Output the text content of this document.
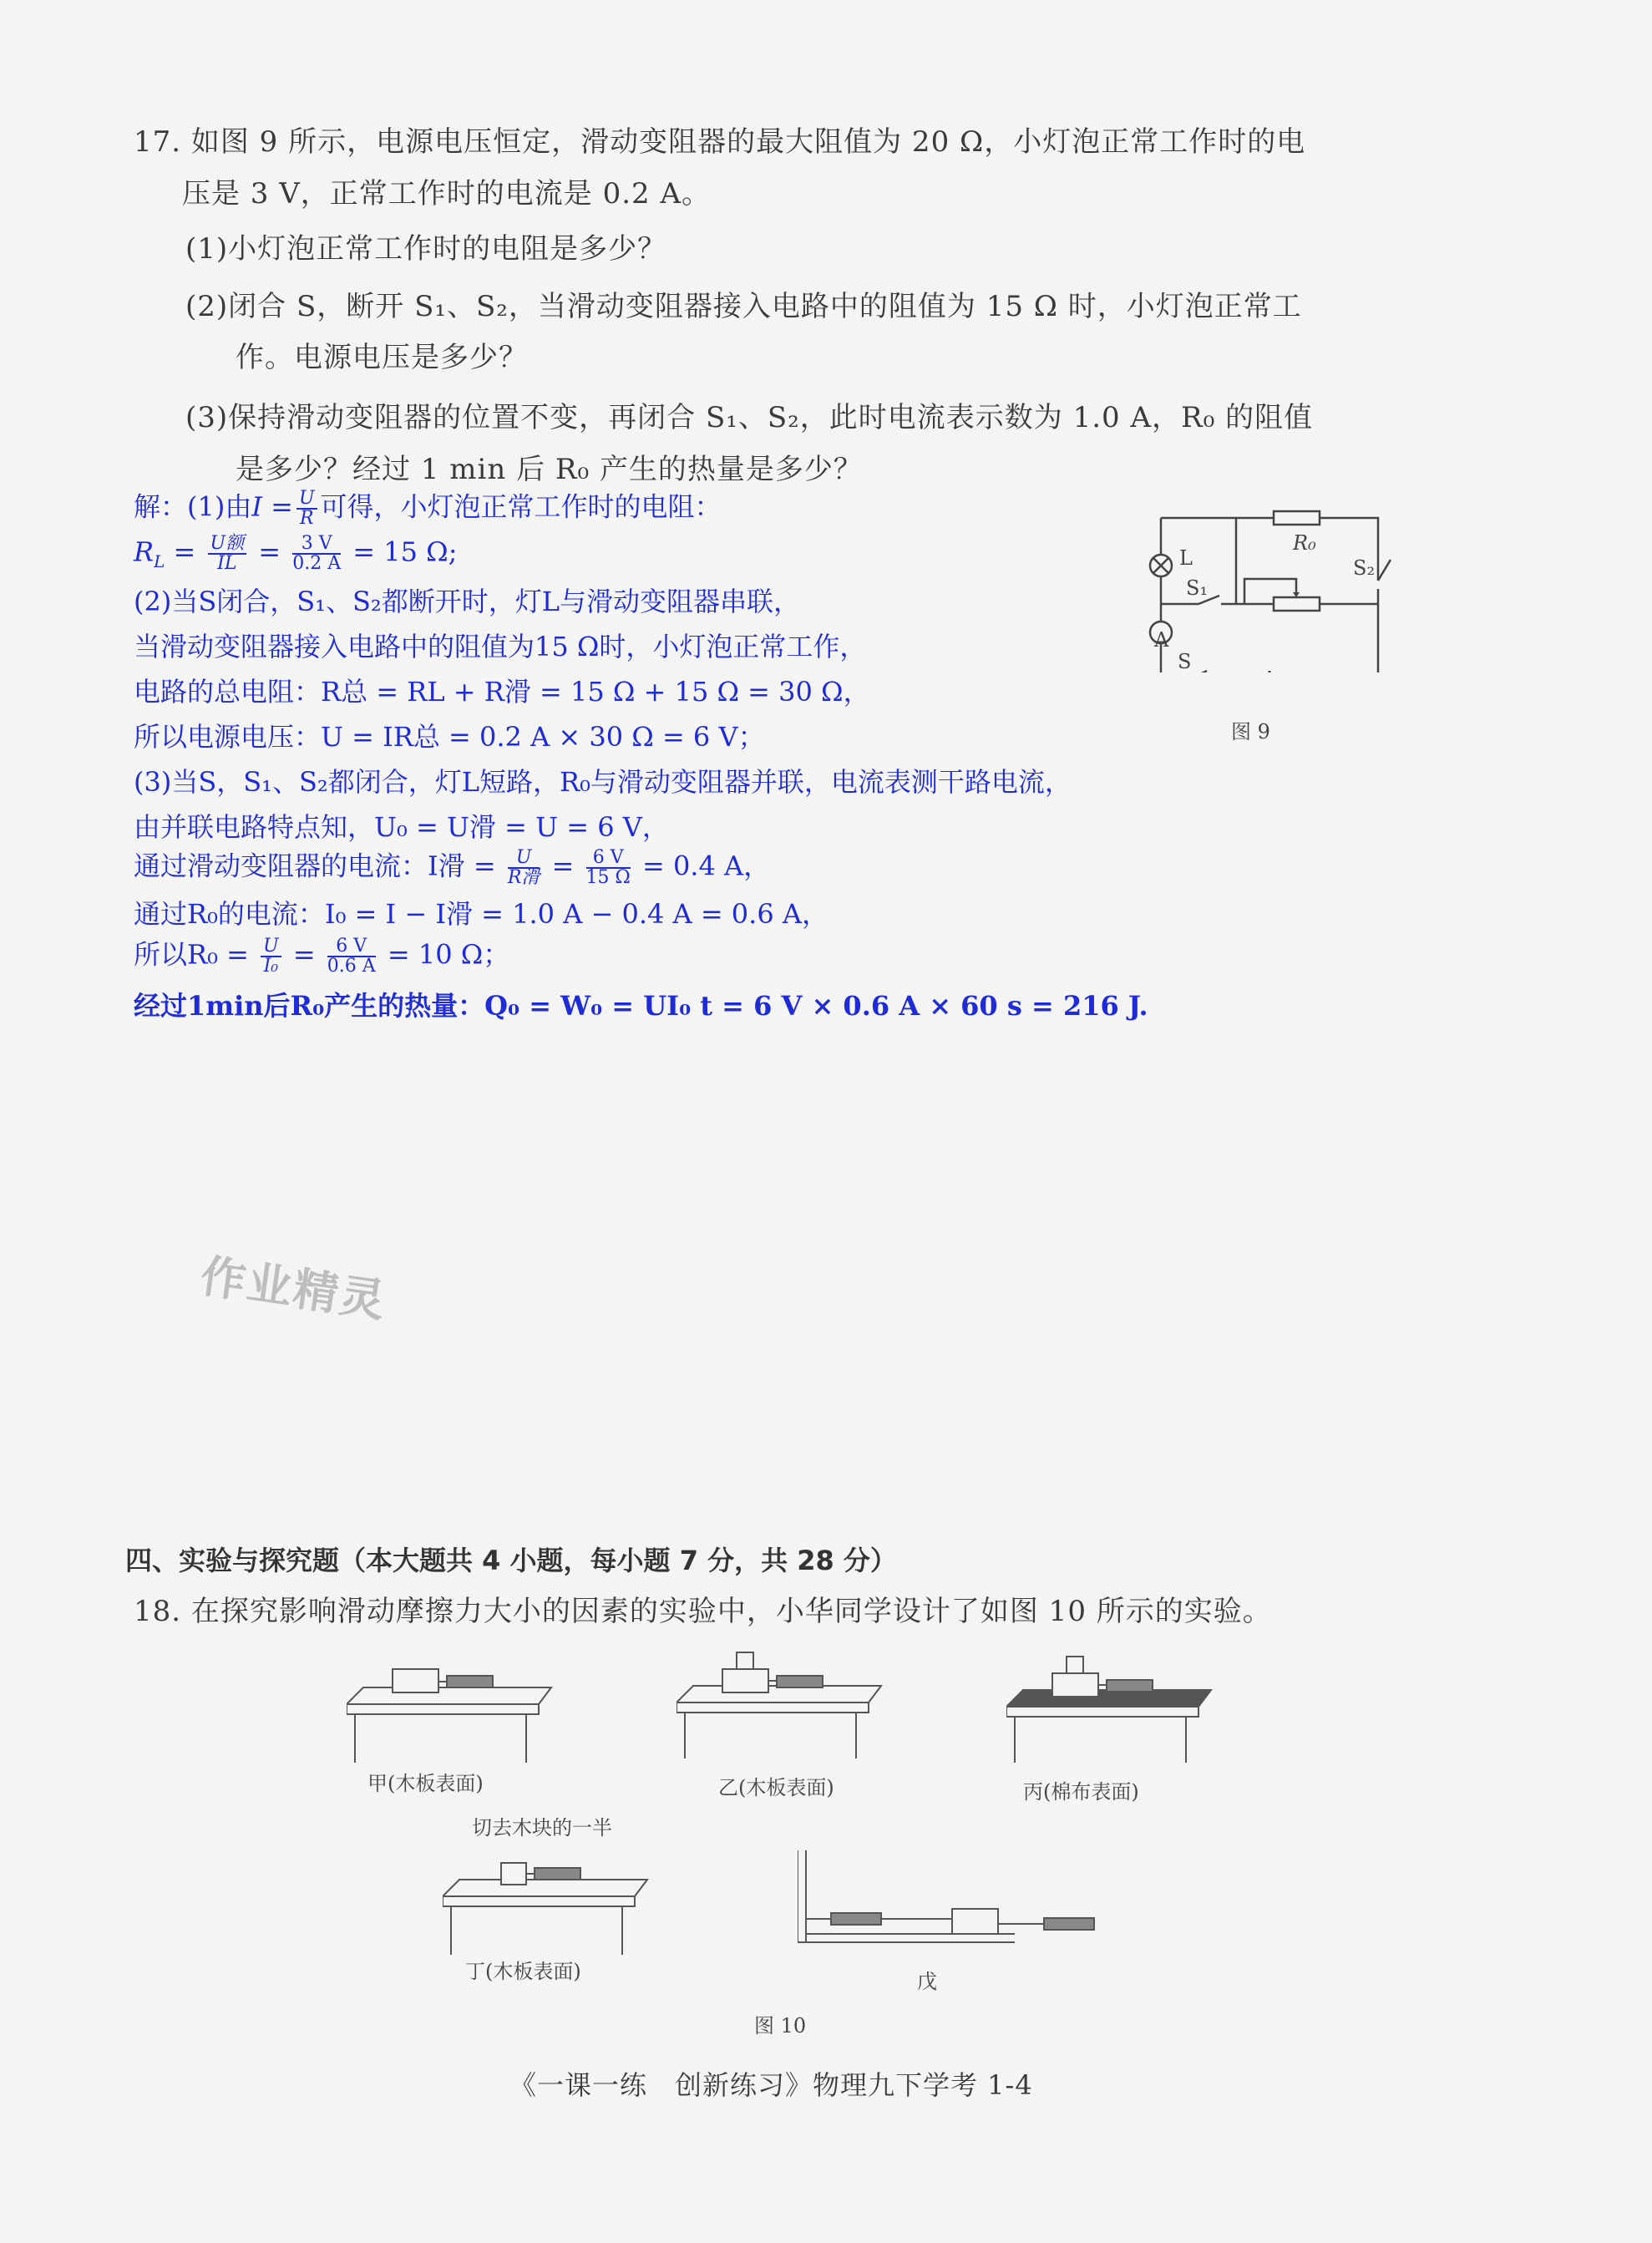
17. 如图 9 所示，电源电压恒定，滑动变阻器的最大阻值为 20 Ω，小灯泡正常工作时的电
压是 3 V，正常工作时的电流是 0.2 A。
(1)小灯泡正常工作时的电阻是多少？
(2)闭合 S，断开 S₁、S₂，当滑动变阻器接入电路中的阻值为 15 Ω 时，小灯泡正常工
作。电源电压是多少？
(3)保持滑动变阻器的位置不变，再闭合 S₁、S₂，此时电流表示数为 1.0 A，R₀ 的阻值
是多少？经过 1 min 后 R₀ 产生的热量是多少？
解：(1)由$I = \frac{U}{R}$ 可得，小灯泡正常工作时的电阻：
$R_L = U$额
IL = $\frac{3 V}{0.2 A} = 15$ Ω;
(2)当S闭合，S₁、S₂都断开时，灯L与滑动变阻器串联，
当滑动变阻器接入电路中的阻值为15 Ω时，小灯泡正常工作，
电路的总电阻：R总 = RL + R滑 = 15 Ω + 15 Ω = 30 Ω，
所以电源电压：U = IR总 = 0.2 A × 30 Ω = 6 V；
(3)当S，S₁、S₂都闭合，灯L短路，R₀与滑动变阻器并联，电流表测干路电流，
由并联电路特点知，U₀ = U滑 = U = 6 V，
通过滑动变阻器的电流：I滑 = U
R滑 = $\frac{6 V}{15 \Omega} = 0.4$ A，
通过R₀的电流：I₀ = I − I滑 = 1.0 A − 0.4 A = 0.6 A，
所以$R_0 = \frac{U}{\text{I₀}} = \frac{6 V}{0.6 A} = 10$ Ω；
经过1min后R₀产生的热量：Q₀ = W₀ = UI₀ t = 6 V × 0.6 A × 60 s = 216 J.
L
R₀
S₁
S₂
A
S
图 9
作业精灵
四、实验与探究题（本大题共 4 小题，每小题 7 分，共 28 分）
18. 在探究影响滑动摩擦力大小的因素的实验中，小华同学设计了如图 10 所示的实验。
甲(木板表面)	乙(木板表面)	丙(棉布表面)
切去木块的一半
丁(木板表面)	戊
图 10
《一课一练　创新练习》物理九下学考 1-4
